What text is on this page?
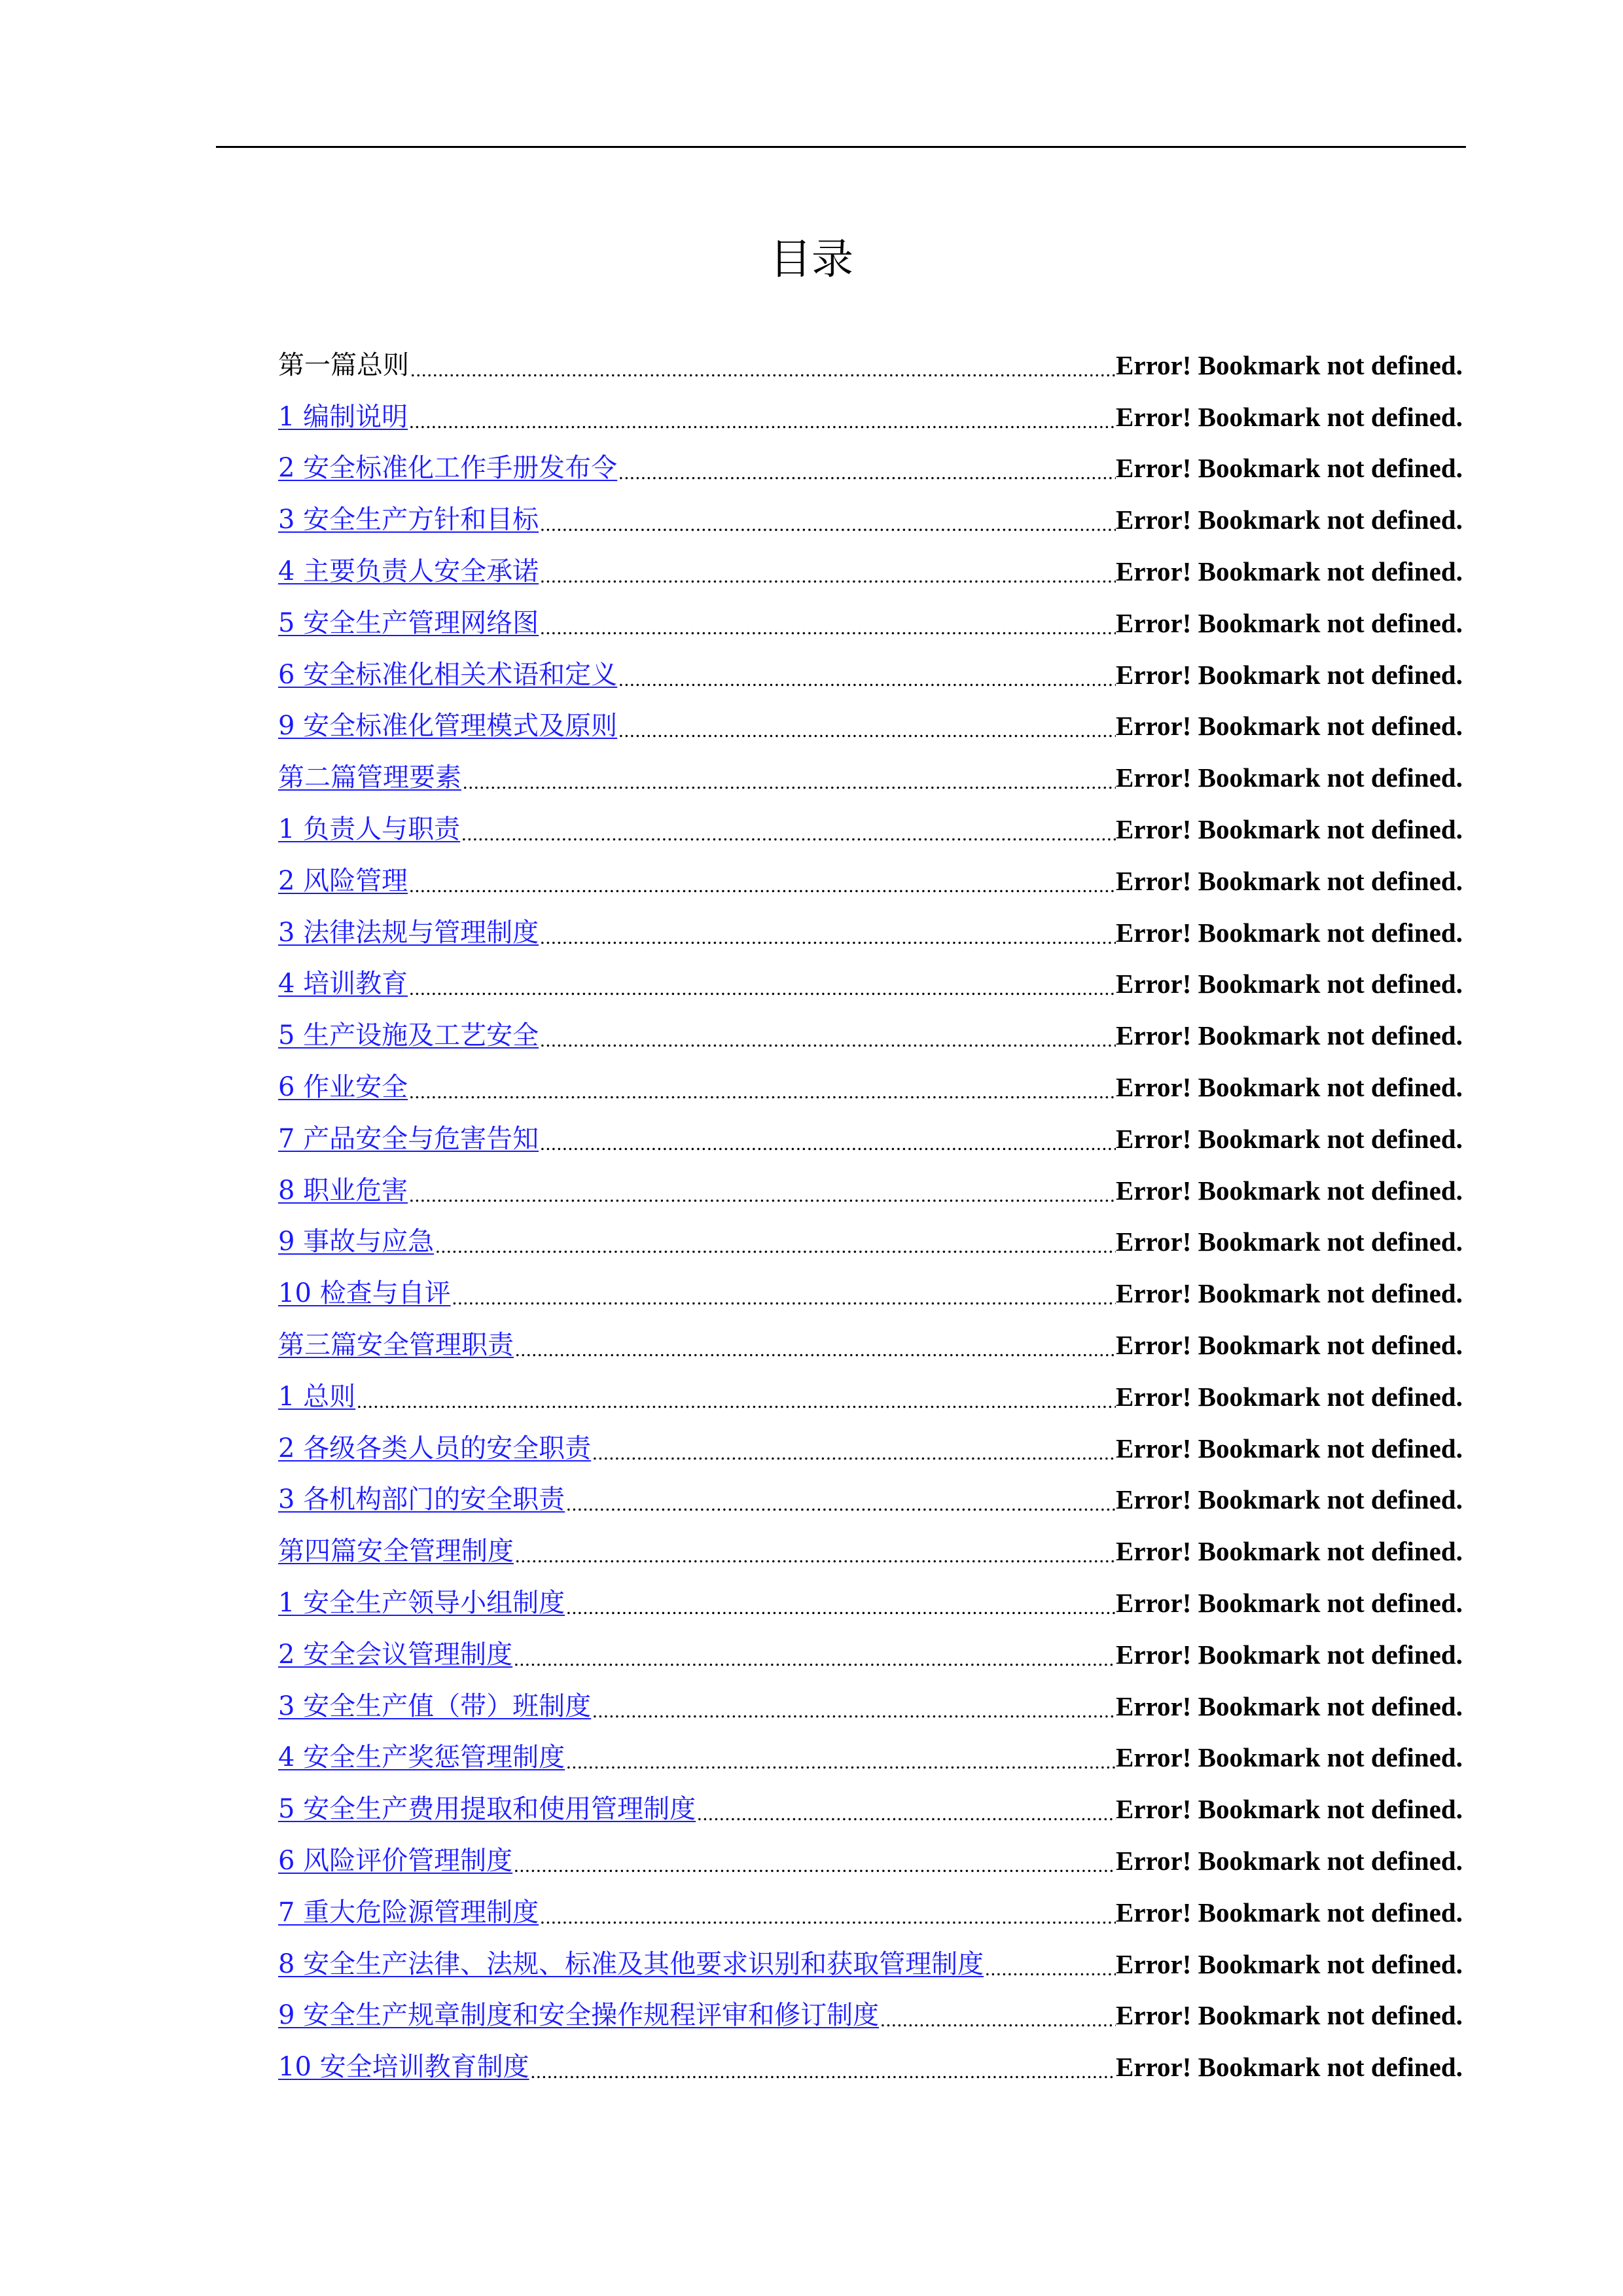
目录
第一篇总则 .....	Error! Bookmark not defined.
1 编制说明 .....	Error! Bookmark not defined.
2 安全标准化工作手册发布令 .....	Error! Bookmark not defined.
3 安全生产方针和目标 .....	Error! Bookmark not defined.
4 主要负责人安全承诺 .....	Error! Bookmark not defined.
5 安全生产管理网络图 .....	Error! Bookmark not defined.
6 安全标准化相关术语和定义 .....	Error! Bookmark not defined.
9 安全标准化管理模式及原则 .....	Error! Bookmark not defined.
第二篇管理要素 .....	Error! Bookmark not defined.
1 负责人与职责 .....	Error! Bookmark not defined.
2 风险管理 .....	Error! Bookmark not defined.
3 法律法规与管理制度 .....	Error! Bookmark not defined.
4 培训教育 .....	Error! Bookmark not defined.
5 生产设施及工艺安全 .....	Error! Bookmark not defined.
6 作业安全 .....	Error! Bookmark not defined.
7 产品安全与危害告知 .....	Error! Bookmark not defined.
8 职业危害 .....	Error! Bookmark not defined.
9 事故与应急 .....	Error! Bookmark not defined.
10 检查与自评 .....	Error! Bookmark not defined.
第三篇安全管理职责 .....	Error! Bookmark not defined.
1 总则 .....	Error! Bookmark not defined.
2 各级各类人员的安全职责 .....	Error! Bookmark not defined.
3 各机构部门的安全职责 .....	Error! Bookmark not defined.
第四篇安全管理制度 .....	Error! Bookmark not defined.
1 安全生产领导小组制度 .....	Error! Bookmark not defined.
2 安全会议管理制度 .....	Error! Bookmark not defined.
3 安全生产值（带）班制度 .....	Error! Bookmark not defined.
4 安全生产奖惩管理制度 .....	Error! Bookmark not defined.
5 安全生产费用提取和使用管理制度 .....	Error! Bookmark not defined.
6 风险评价管理制度 .....	Error! Bookmark not defined.
7 重大危险源管理制度 .....	Error! Bookmark not defined.
8 安全生产法律、法规、标准及其他要求识别和获取管理制度 .....	Error! Bookmark not defined.
9 安全生产规章制度和安全操作规程评审和修订制度 .....	Error! Bookmark not defined.
10 安全培训教育制度 .....	Error! Bookmark not defined.
